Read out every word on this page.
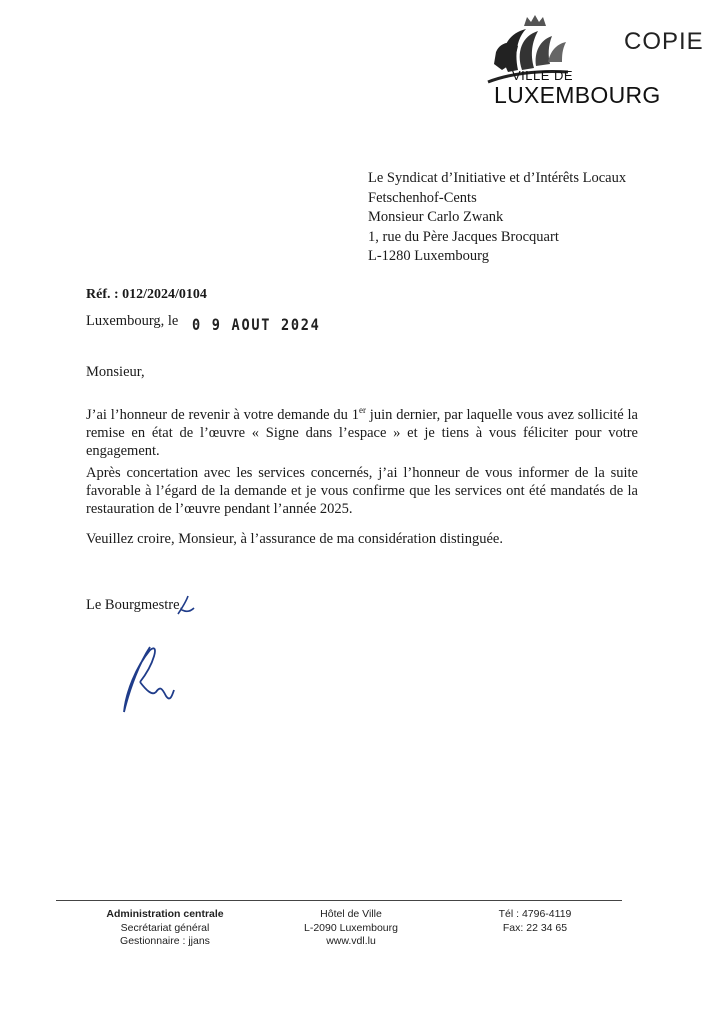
VILLE DE
LUXEMBOURG
COPIE
Le Syndicat d’Initiative et d’Intérêts Locaux
Fetschenhof-Cents
Monsieur Carlo Zwank
1, rue du Père Jacques Brocquart
L-1280 Luxembourg
Réf. : 012/2024/0104
Luxembourg, le 0 9 AOUT 2024
Monsieur,
J’ai l’honneur de revenir à votre demande du 1er juin dernier, par laquelle vous avez sollicité la remise en état de l’œuvre « Signe dans l’espace » et je tiens à vous féliciter pour votre engagement.
Après concertation avec les services concernés, j’ai l’honneur de vous informer de la suite favorable à l’égard de la demande et je vous confirme que les services ont été mandatés de la restauration de l’œuvre pendant l’année 2025.
Veuillez croire, Monsieur, à l’assurance de ma considération distinguée.
Le Bourgmestre,
Administration centrale
Secrétariat général
Gestionnaire : jjans
Hôtel de Ville
L-2090 Luxembourg
www.vdl.lu
Tél : 4796-4119
Fax: 22 34 65
